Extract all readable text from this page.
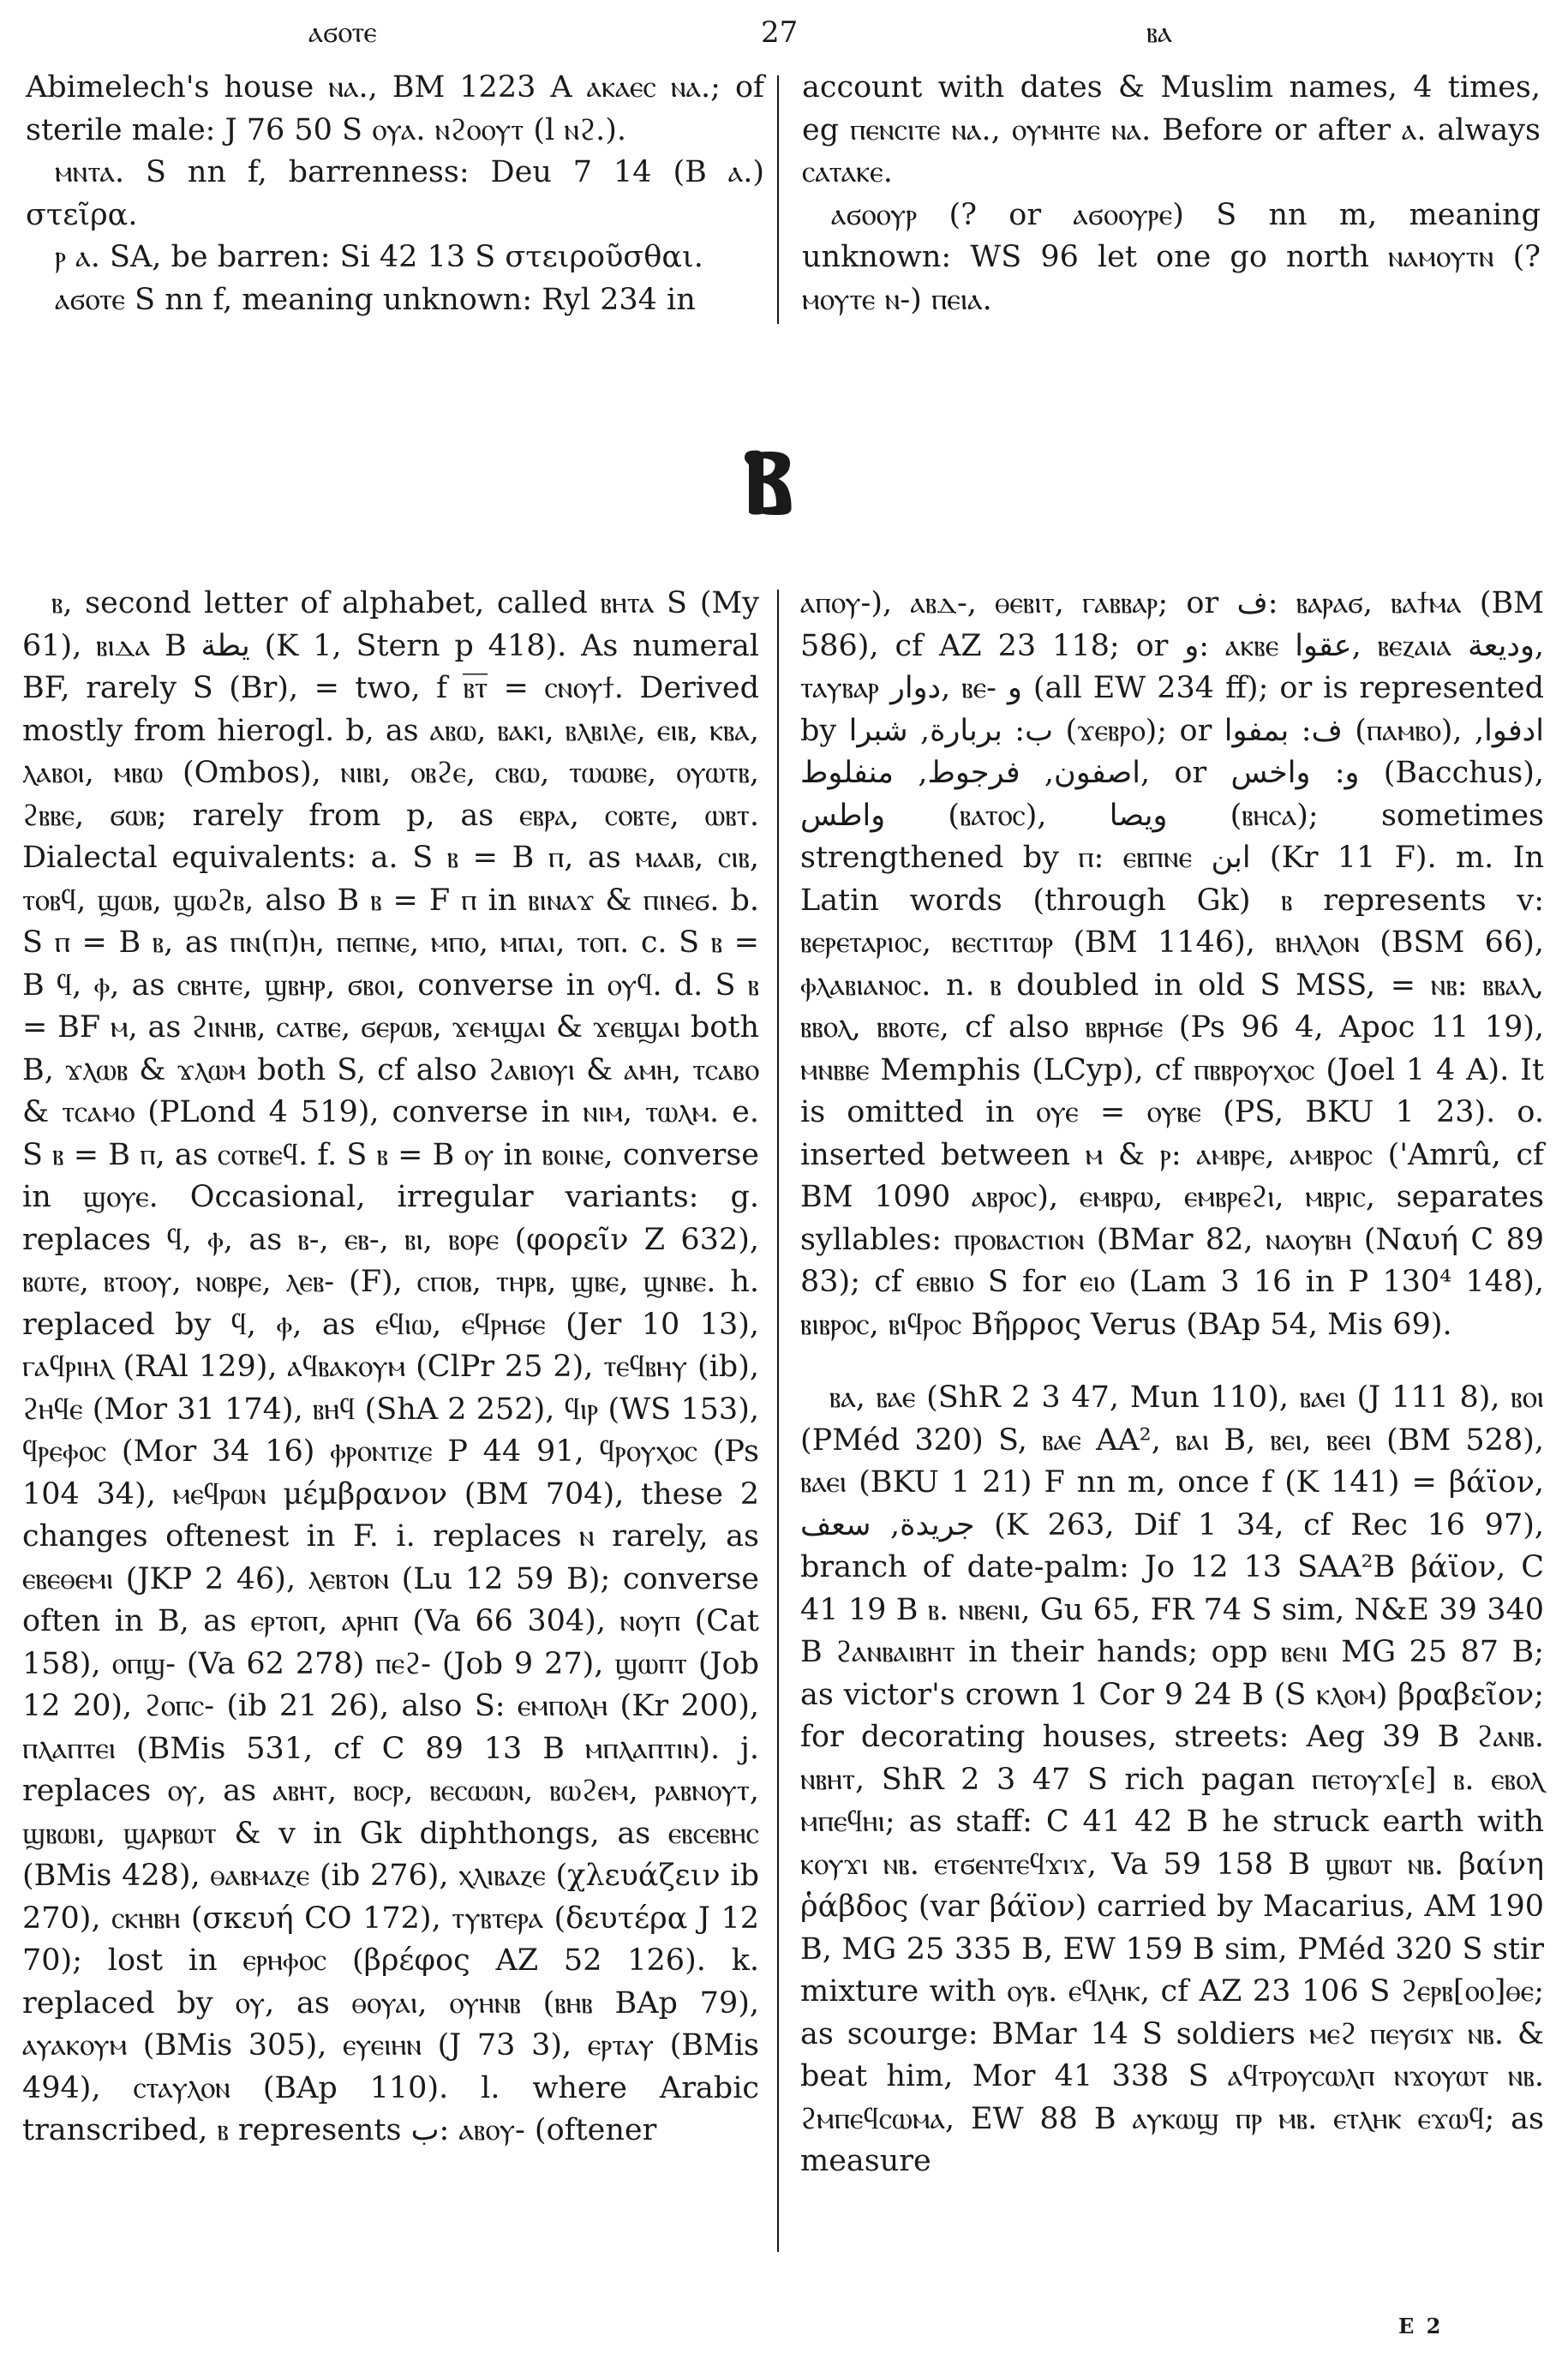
ⲁϭⲟⲧⲉ	27	ⲃⲁ

Abimelech's house ⲛⲁ., BM 1223 A ⲁⲕⲁⲉⲥ ⲛⲁ.; of sterile male: J 76 50 S ⲟⲩⲁ. ⲛϩⲟⲟⲩⲧ (l ⲛϩ.).

ⲙⲛⲧⲁ. S nn f, barrenness: Deu 7 14 (B ⲁ.) στεῖρα.

ⲣ ⲁ. SA, be barren: Si 42 13 S στειροῦσθαι.

ⲁϭⲟⲧⲉ S nn f, meaning unknown: Ryl 234 in

account with dates & Muslim names, 4 times, eg ⲡⲉⲛⲥⲓⲧⲉ ⲛⲁ., ⲟⲩⲙⲏⲧⲉ ⲛⲁ. Before or after ⲁ. always ⲥⲁⲧⲁⲕⲉ.

ⲁϭⲟⲟⲩⲣ (? or ⲁϭⲟⲟⲩⲣⲉ) S nn m, meaning unknown: WS 96 let one go north ⲛⲁⲙⲟⲩⲧⲛ (? ⲙⲟⲩⲧⲉ ⲛ-) ⲡⲉⲓⲁ.

ⲃ

ⲃ, second letter of alphabet, called ⲃⲏⲧⲁ S (My 61), ⲃⲓⲇⲁ B ﯾﻄﺔ (K 1, Stern p 418). As numeral BF, rarely S (Br), = two, f ⲃ̅ⲧ̅ = ⲥⲛⲟⲩϯ. Derived mostly from hierogl. b, as ⲁⲃⲱ, ⲃⲁⲕⲓ, ⲃⲗⲃⲓⲗⲉ, ⲉⲓⲃ, ⲕⲃⲁ, ⲗⲁⲃⲟⲓ, ⲙⲃⲱ (Ombos), ⲛⲓⲃⲓ, ⲟⲃϩⲉ, ⲥⲃⲱ, ⲧⲱⲱⲃⲉ, ⲟⲩⲱⲧⲃ, ϩⲃⲃⲉ, ϭⲱⲃ; rarely from p, as ⲉⲃⲣⲁ, ⲥⲟⲃⲧⲉ, ⲱⲃⲧ. Dialectal equivalents: a. S ⲃ = B ⲡ, as ⲙⲁⲁⲃ, ⲥⲓⲃ, ⲧⲟⲃϥ, ϣⲱⲃ, ϣⲱϩⲃ, also B ⲃ = F ⲡ in ⲃⲓⲛⲁϫ & ⲡⲓⲛⲉϭ. b. S ⲡ = B ⲃ, as ⲡⲛ(ⲡ)ⲏ, ⲡⲉⲡⲛⲉ, ⲙⲡⲟ, ⲙⲡⲁⲓ, ⲧⲟⲡ. c. S ⲃ = B ϥ, ⲫ, as ⲥⲃⲏⲧⲉ, ϣⲃⲏⲣ, ϭⲃⲟⲓ, converse in ⲟⲩϥ. d. S ⲃ = BF ⲙ, as ϩⲓⲛⲏⲃ, ⲥⲁⲧⲃⲉ, ϭⲉⲣⲱⲃ, ϫⲉⲙϣⲁⲓ & ϫⲉⲃϣⲁⲓ both B, ϫⲗⲱⲃ & ϫⲗⲱⲙ both S, cf also ϩⲁⲃⲓⲟⲩⲓ & ⲁⲙⲏ, ⲧⲥⲁⲃⲟ & ⲧⲥⲁⲙⲟ (PLond 4 519), converse in ⲛⲓⲙ, ⲧⲱⲗⲙ. e. S ⲃ = B ⲡ, as ⲥⲟⲧⲃⲉϥ. f. S ⲃ = B ⲟⲩ in ⲃⲟⲓⲛⲉ, converse in ϣⲟⲩⲉ. Occasional, irregular variants: g. replaces ϥ, ⲫ, as ⲃ-, ⲉⲃ-, ⲃⲓ, ⲃⲟⲣⲉ (φορεῖν Z 632), ⲃⲱⲧⲉ, ⲃⲧⲟⲟⲩ, ⲛⲟⲃⲣⲉ, ⲗⲉⲃ- (F), ⲥⲡⲟⲃ, ⲧⲏⲣⲃ, ϣⲃⲉ, ϣⲛⲃⲉ. h. replaced by ϥ, ⲫ, as ⲉϥⲓⲱ, ⲉϥⲣⲏϭⲉ (Jer 10 13), ⲅⲁϥⲣⲓⲏⲗ (RAl 129), ⲁϥⲃⲁⲕⲟⲩⲙ (ClPr 25 2), ⲧⲉϥⲃⲏⲩ (ib), ϩⲏϥⲉ (Mor 31 174), ⲃⲏϥ (ShA 2 252), ϥⲓⲣ (WS 153), ϥⲣⲉⲫⲟⲥ (Mor 34 16) ⲫⲣⲟⲛⲧⲓⲍⲉ P 44 91, ϥⲣⲟⲩⲭⲟⲥ (Ps 104 34), ⲙⲉϥⲣⲱⲛ μέμβρανον (BM 704), these 2 changes oftenest in F. i. replaces ⲛ rarely, as ⲉⲃⲉⲑⲉⲙⲓ (JKP 2 46), ⲗⲉⲃⲧⲟⲛ (Lu 12 59 B); converse often in B, as ⲉⲣⲧⲟⲡ, ⲁⲣⲏⲡ (Va 66 304), ⲛⲟⲩⲡ (Cat 158), ⲟⲡϣ- (Va 62 278) ⲡⲉϩ- (Job 9 27), ϣⲱⲡⲧ (Job 12 20), ϩⲟⲡⲥ- (ib 21 26), also S: ⲉⲙⲡⲟⲗⲏ (Kr 200), ⲡⲗⲁⲡⲧⲉⲓ (BMis 531, cf C 89 13 B ⲙⲡⲗⲁⲡⲧⲓⲛ). j. replaces ⲟⲩ, as ⲁⲃⲏⲧ, ⲃⲟⲥⲣ, ⲃⲉⲥⲱⲱⲛ, ⲃⲱϩⲉⲙ, ⲣⲁⲃⲛⲟⲩⲧ, ϣⲃⲱⲃⲓ, ϣⲁⲣⲃⲱⲧ & v in Gk diphthongs, as ⲉⲃⲥⲉⲃⲏⲥ (BMis 428), ⲑⲁⲃⲙⲁⲍⲉ (ib 276), ⲭⲗⲓⲃⲁⲍⲉ (χλευάζειν ib 270), ⲥⲕⲏⲃⲏ (σκευή CO 172), ⲧⲩⲃⲧⲉⲣⲁ (δευτέρα J 12 70); lost in ⲉⲣⲏⲫⲟⲥ (βρέφος AZ 52 126). k. replaced by ⲟⲩ, as ⲑⲟⲩⲁⲓ, ⲟⲩⲏⲛⲃ (ⲃⲏⲃ BAp 79), ⲁⲩⲁⲕⲟⲩⲙ (BMis 305), ⲉⲩⲉⲓⲏⲛ (J 73 3), ⲉⲣⲧⲁⲩ (BMis 494), ⲥⲧⲁⲩⲗⲟⲛ (BAp 110). l. where Arabic transcribed, ⲃ represents ﺏ: ⲁⲃⲟⲩ- (oftener

ⲁⲡⲟⲩ-), ⲁⲃⲇ-, ⲑⲉⲃⲓⲧ, ⲅⲁⲃⲃⲁⲣ; or ﻑ: ⲃⲁⲣⲁϭ, ⲃⲁϯⲙⲁ (BM 586), cf AZ 23 118; or ﻭ: ⲁⲕⲃⲉ ﻋﻘﻮﺍ, ⲃⲉⲍⲁⲓⲁ ﻭﺩﻳﻌﺔ, ⲧⲁⲩⲃⲁⲣ ﺩﻭﺍﺭ, ⲃⲉ- ﻭ (all EW 234 ff); or is represented by ﺏ: ﺑﺮﺑﺎﺭﺓ, ﺷﺒﺮﺍ (ϫⲉⲃⲣⲟ); or ﻑ: ﺑﻤﻔﻮﺍ (ⲡⲁⲙⲃⲟ), ﺍﺩﻓﻮﺍ, ﺍﺻﻔﻮﻥ, ﻓﺮﺟﻮﻁ, ﻣﻨﻔﻠﻮﻁ, or ﻭ: ﻭﺍﺧﺲ (Bacchus), ﻭﺍﻃﺲ (ⲃⲁⲧⲟⲥ), ﻭﻳﺼﺎ (ⲃⲏⲥⲁ); sometimes strengthened by ⲡ: ⲉⲃⲡⲛⲉ ﺍﺑﻦ (Kr 11 F). m. In Latin words (through Gk) ⲃ represents v: ⲃⲉⲣⲉⲧⲁⲣⲓⲟⲥ, ⲃⲉⲥⲧⲓⲧⲱⲣ (BM 1146), ⲃⲏⲗⲗⲟⲛ (BSM 66), ⲫⲗⲁⲃⲓⲁⲛⲟⲥ. n. ⲃ doubled in old S MSS, = ⲛⲃ: ⲃⲃⲁⲗ, ⲃⲃⲟⲗ, ⲃⲃⲟⲧⲉ, cf also ⲃⲃⲣⲏϭⲉ (Ps 96 4, Apoc 11 19), ⲙⲛⲃⲃⲉ Memphis (LCyp), cf ⲡⲃⲃⲣⲟⲩⲭⲟⲥ (Joel 1 4 A). It is omitted in ⲟⲩⲉ = ⲟⲩⲃⲉ (PS, BKU 1 23). o. inserted between ⲙ & ⲣ: ⲁⲙⲃⲣⲉ, ⲁⲙⲃⲣⲟⲥ ('Amrû, cf BM 1090 ⲁⲃⲣⲟⲥ), ⲉⲙⲃⲣⲱ, ⲉⲙⲃⲣⲉϩⲓ, ⲙⲃⲣⲓⲥ, separates syllables: ⲡⲣⲟⲃⲁⲥⲧⲓⲟⲛ (BMar 82, ⲛⲁⲟⲩⲃⲏ (Ναυή C 89 83); cf ⲉⲃⲃⲓⲟ S for ⲉⲓⲟ (Lam 3 16 in P 130⁴ 148), ⲃⲓⲃⲣⲟⲥ, ⲃⲓϥⲣⲟⲥ Βῆρρος Verus (BAp 54, Mis 69).

ⲃⲁ, ⲃⲁⲉ (ShR 2 3 47, Mun 110), ⲃⲁⲉⲓ (J 111 8), ⲃⲟⲓ (PMéd 320) S, ⲃⲁⲉ AA², ⲃⲁⲓ B, ⲃⲉⲓ, ⲃⲉⲉⲓ (BM 528), ⲃⲁⲉⲓ (BKU 1 21) F nn m, once f (K 141) = βάϊον, ﺟﺮﻳﺪﺓ, ﺳﻌﻒ (K 263, Dif 1 34, cf Rec 16 97), branch of date-palm: Jo 12 13 SAA²B βάϊον, C 41 19 B ⲃ. ⲛⲃⲉⲛⲓ, Gu 65, FR 74 S sim, N&E 39 340 B ϩⲁⲛⲃⲁⲓⲃⲏⲧ in their hands; opp ⲃⲉⲛⲓ MG 25 87 B; as victor's crown 1 Cor 9 24 B (S ⲕⲗⲟⲙ) βραβεῖον; for decorating houses, streets: Aeg 39 B ϩⲁⲛⲃ. ⲛⲃⲏⲧ, ShR 2 3 47 S rich pagan ⲡⲉⲧⲟⲩϫ[ⲉ] ⲃ. ⲉⲃⲟⲗ ⲙⲡⲉϥⲏⲓ; as staff: C 41 42 B he struck earth with ⲕⲟⲩϫⲓ ⲛⲃ. ⲉⲧϭⲉⲛⲧⲉϥϫⲓϫ, Va 59 158 B ϣⲃⲱⲧ ⲛⲃ. βαίνη ῥάβδος (var βάϊον) carried by Macarius, AM 190 B, MG 25 335 B, EW 159 B sim, PMéd 320 S stir mixture with ⲟⲩⲃ. ⲉϥⲗⲏⲕ, cf AZ 23 106 S ϩⲉⲣⲃ[ⲟⲟ]ⲑⲉ; as scourge: BMar 14 S soldiers ⲙⲉϩ ⲡⲉⲩϭⲓϫ ⲛⲃ. & beat him, Mor 41 338 S ⲁϥⲧⲣⲟⲩⲥⲱⲗⲡ ⲛϫⲟⲩⲱⲧ ⲛⲃ. ϩⲙⲡⲉϥⲥⲱⲙⲁ, EW 88 B ⲁⲩⲕⲱϣ ⲡⲣ ⲙⲃ. ⲉⲧⲗⲏⲕ ⲉϫⲱϥ; as measure

E 2
